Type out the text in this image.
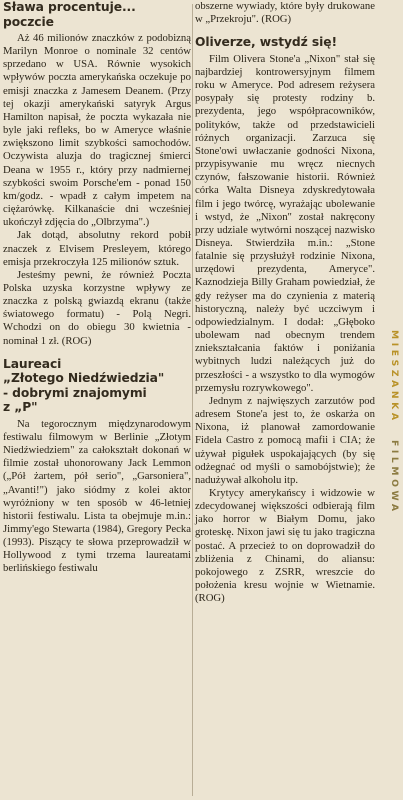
Sława procentuje...
poczcie

Aż 46 milionów znaczków z podobizną Marilyn Monroe o nominale 32 centów sprzedano w USA. Równie wysokich wpływów poczta amerykańska oczekuje po emisji znaczka z Jamesem Deanem. (Przy tej okazji amerykański satyryk Argus Hamilton napisał, że poczta wykazała nie byle jaki refleks, bo w Ameryce właśnie zwiększono limit szybkości samochodów. Oczywista aluzja do tragicznej śmierci Deana w 1955 r., który przy nadmiernej szybkości swoim Porsche'em - ponad 150 km/godz. - wpadł z całym impetem na ciężarówkę. Kilkanaście dni wcześniej ukończył zdjęcia do „Olbrzyma".)

Jak dotąd, absolutny rekord pobił znaczek z Elvisem Presleyem, którego emisja przekroczyła 125 milionów sztuk.

Jesteśmy pewni, że również Poczta Polska uzyska korzystne wpływy ze znaczka z polską gwiazdą ekranu (także światowego formatu) - Polą Negri. Wchodzi on do obiegu 30 kwietnia -nominał 1 zł. (ROG)

Laureaci
„Złotego Niedźwiedzia"
- dobrymi znajomymi
z „P"

Na tegorocznym międzynarodowym festiwalu filmowym w Berlinie „Złotym Niedźwiedziem" za całokształt dokonań w filmie został uhonorowany Jack Lemmon („Pół żartem, pół serio", „Garsoniera", „Avanti!") jako siódmy z kolei aktor wyróżniony w ten sposób w 46-letniej historii festiwalu. Lista ta obejmuje m.in.: Jimmy'ego Stewarta (1984), Gregory Pecka (1993). Piszący te słowa przeprowadził w Hollywood z tymi trzema laureatami berlińskiego festiwalu

obszerne wywiady, które były drukowane w „Przekroju". (ROG)

Oliverze, wstydź się!

Film Olivera Stone'a „Nixon" stał się najbardziej kontrowersyjnym filmem roku w Ameryce. Pod adresem reżysera posypały się protesty rodziny b. prezydenta, jego współpracowników, polityków, także od przedstawicieli różnych organizacji. Zarzuca się Stone'owi uwłaczanie godności Nixona, przypisywanie mu wręcz niecnych czynów, fałszowanie historii. Również córka Walta Disneya zdyskredytowała film i jego twórcę, wyrażając ubolewanie i wstyd, że „Nixon" został nakręcony przy udziale wytwórni noszącej nazwisko Disneya. Stwierdziła m.in.: „Stone fatalnie się przysłużył rodzinie Nixona, urzędowi prezydenta, Ameryce". Kaznodzieja Billy Graham powiedział, że gdy reżyser ma do czynienia z materią historyczną, należy być uczciwym i odpowiedzialnym. I dodał: „Głęboko ubolewam nad obecnym trendem zniekształcania faktów i poniżania wybitnych ludzi należących już do przeszłości - a wszystko to dla wymogów przemysłu rozrywkowego".

Jednym z najwięszych zarzutów pod adresem Stone'a jest to, że oskarża on Nixona, iż planował zamordowanie Fidela Castro z pomocą mafii i CIA; że używał pigułek uspokajających (by się odżegnać od myśli o samobójstwie); że nadużywał alkoholu itp.

Krytycy amerykańscy i widzowie w zdecydowanej większości odbierają film jako horror w Białym Domu, jako groteskę. Nixon jawi się tu jako tragiczna postać. A przecież to on doprowadził do zbliżenia z Chinami, do aliansu: pokojowego z ZSRR, wreszcie do położenia kresu wojnie w Wietnamie. (ROG)

MIESZANKA FILMOWA
